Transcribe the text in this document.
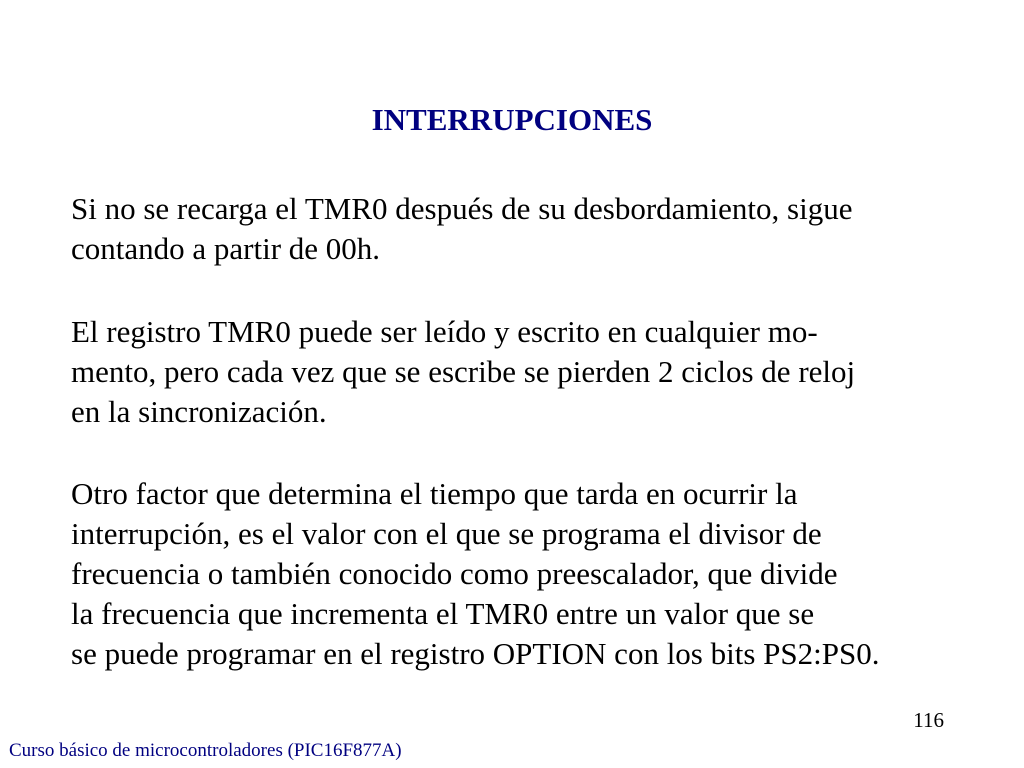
INTERRUPCIONES
Si no se recarga el TMR0 después de su desbordamiento, sigue
contando a partir de 00h.
El registro TMR0 puede ser leído y escrito en cualquier mo-
mento, pero cada vez que se escribe se pierden 2 ciclos de reloj
en la sincronización.
Otro factor que determina el tiempo que tarda en ocurrir la
interrupción, es el valor con el que se programa el divisor de
frecuencia o también conocido como preescalador, que divide
la frecuencia que incrementa el TMR0 entre un valor que se
se puede programar en el registro OPTION con los bits PS2:PS0.
116
Curso básico de microcontroladores (PIC16F877A)
